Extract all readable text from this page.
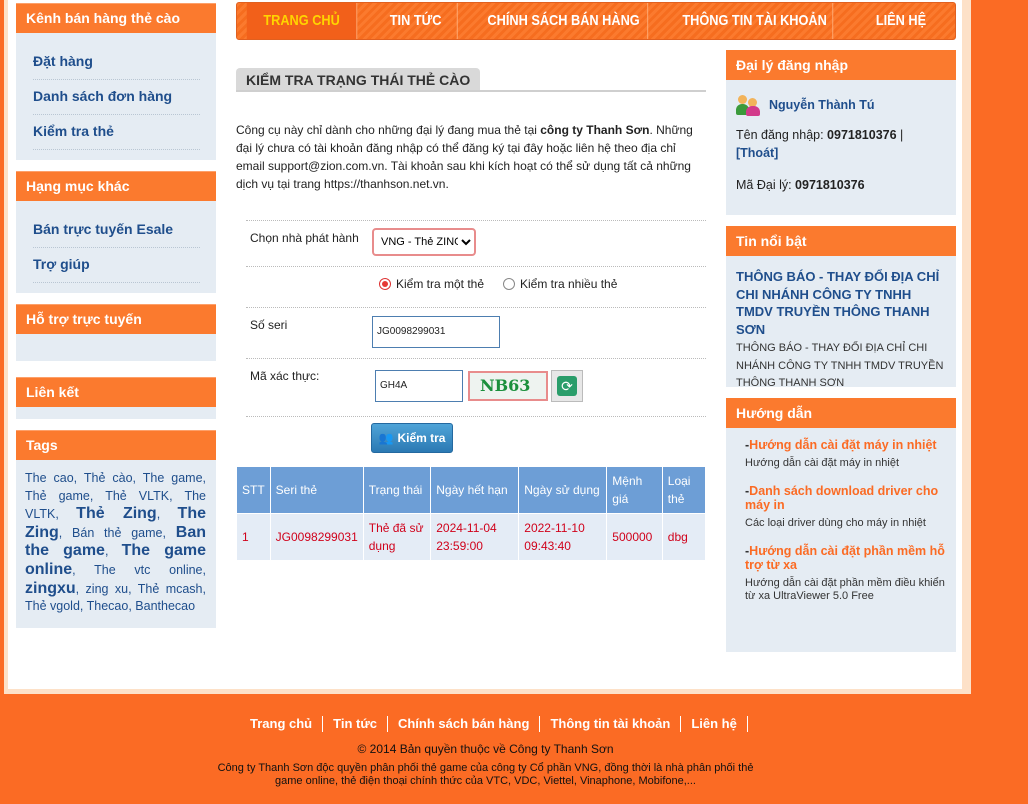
Kênh bán hàng thẻ cào
Đặt hàng
Danh sách đơn hàng
Kiểm tra thẻ
Hạng mục khác
Bán trực tuyến Esale
Trợ giúp
Hỗ trợ trực tuyến
Liên kết
Tags
The cao, Thẻ cào, The game, Thẻ game, Thẻ VLTK, The VLTK, Thẻ Zing, The Zing, Bán thẻ game, Ban the game, The game online, The vtc online, zingxu, zing xu, Thẻ mcash, Thẻ vgold, Thecao, Banthecao
TRANG CHỦ	TIN TỨC	CHÍNH SÁCH BÁN HÀNG	THÔNG TIN TÀI KHOẢN	LIÊN HỆ
KIỂM TRA TRẠNG THÁI THẺ CÀO
Công cụ này chỉ dành cho những đại lý đang mua thẻ tại công ty Thanh Sơn. Những đại lý chưa có tài khoản đăng nhập có thể đăng ký tại đây hoặc liên hệ theo địa chỉ email support@zion.com.vn. Tài khoản sau khi kích hoạt có thể sử dụng tất cả những dịch vụ tại trang https://thanhson.net.vn.
Chọn nhà phát hành
VNG - Thẻ ZING
Kiểm tra một thẻ	Kiểm tra nhiều thẻ
Số seri	JG0098299031
Mã xác thực:
GH4A	NB63	⟳
👥 Kiểm tra
STT	Seri thẻ	Trạng thái	Ngày hết hạn	Ngày sử dụng	Mệnh giá	Loại thẻ
1	JG0098299031	Thẻ đã sử dụng	2024-11-04 23:59:00	2022-11-10 09:43:40	500000	dbg
Đại lý đăng nhập
Nguyễn Thành Tú
Tên đăng nhập: 0971810376 | [Thoát]
Mã Đại lý: 0971810376
Tin nổi bật
THÔNG BÁO - THAY ĐỔI ĐỊA CHỈ CHI NHÁNH CÔNG TY TNHH TMDV TRUYỀN THÔNG THANH SƠN
THÔNG BÁO - THAY ĐỔI ĐỊA CHỈ CHI NHÁNH CÔNG TY TNHH TMDV TRUYỀN THÔNG THANH SƠN
Hướng dẫn
-Hướng dẫn cài đặt máy in nhiệt
Hướng dẫn cài đặt máy in nhiệt
-Danh sách download driver cho máy in
Các loại driver dùng cho máy in nhiệt
-Hướng dẫn cài đặt phần mềm hỗ trợ từ xa
Hướng dẫn cài đặt phần mềm điều khiển từ xa UltraViewer 5.0 Free
Trang chủ	Tin tức	Chính sách bán hàng	Thông tin tài khoản	Liên hệ
© 2014 Bản quyền thuộc về Công ty Thanh Sơn
Công ty Thanh Sơn độc quyền phân phối thẻ game của công ty Cổ phần VNG, đồng thời là nhà phân phối thẻ game online, thẻ điện thoại chính thức của VTC, VDC, Viettel, Vinaphone, Mobifone,...
